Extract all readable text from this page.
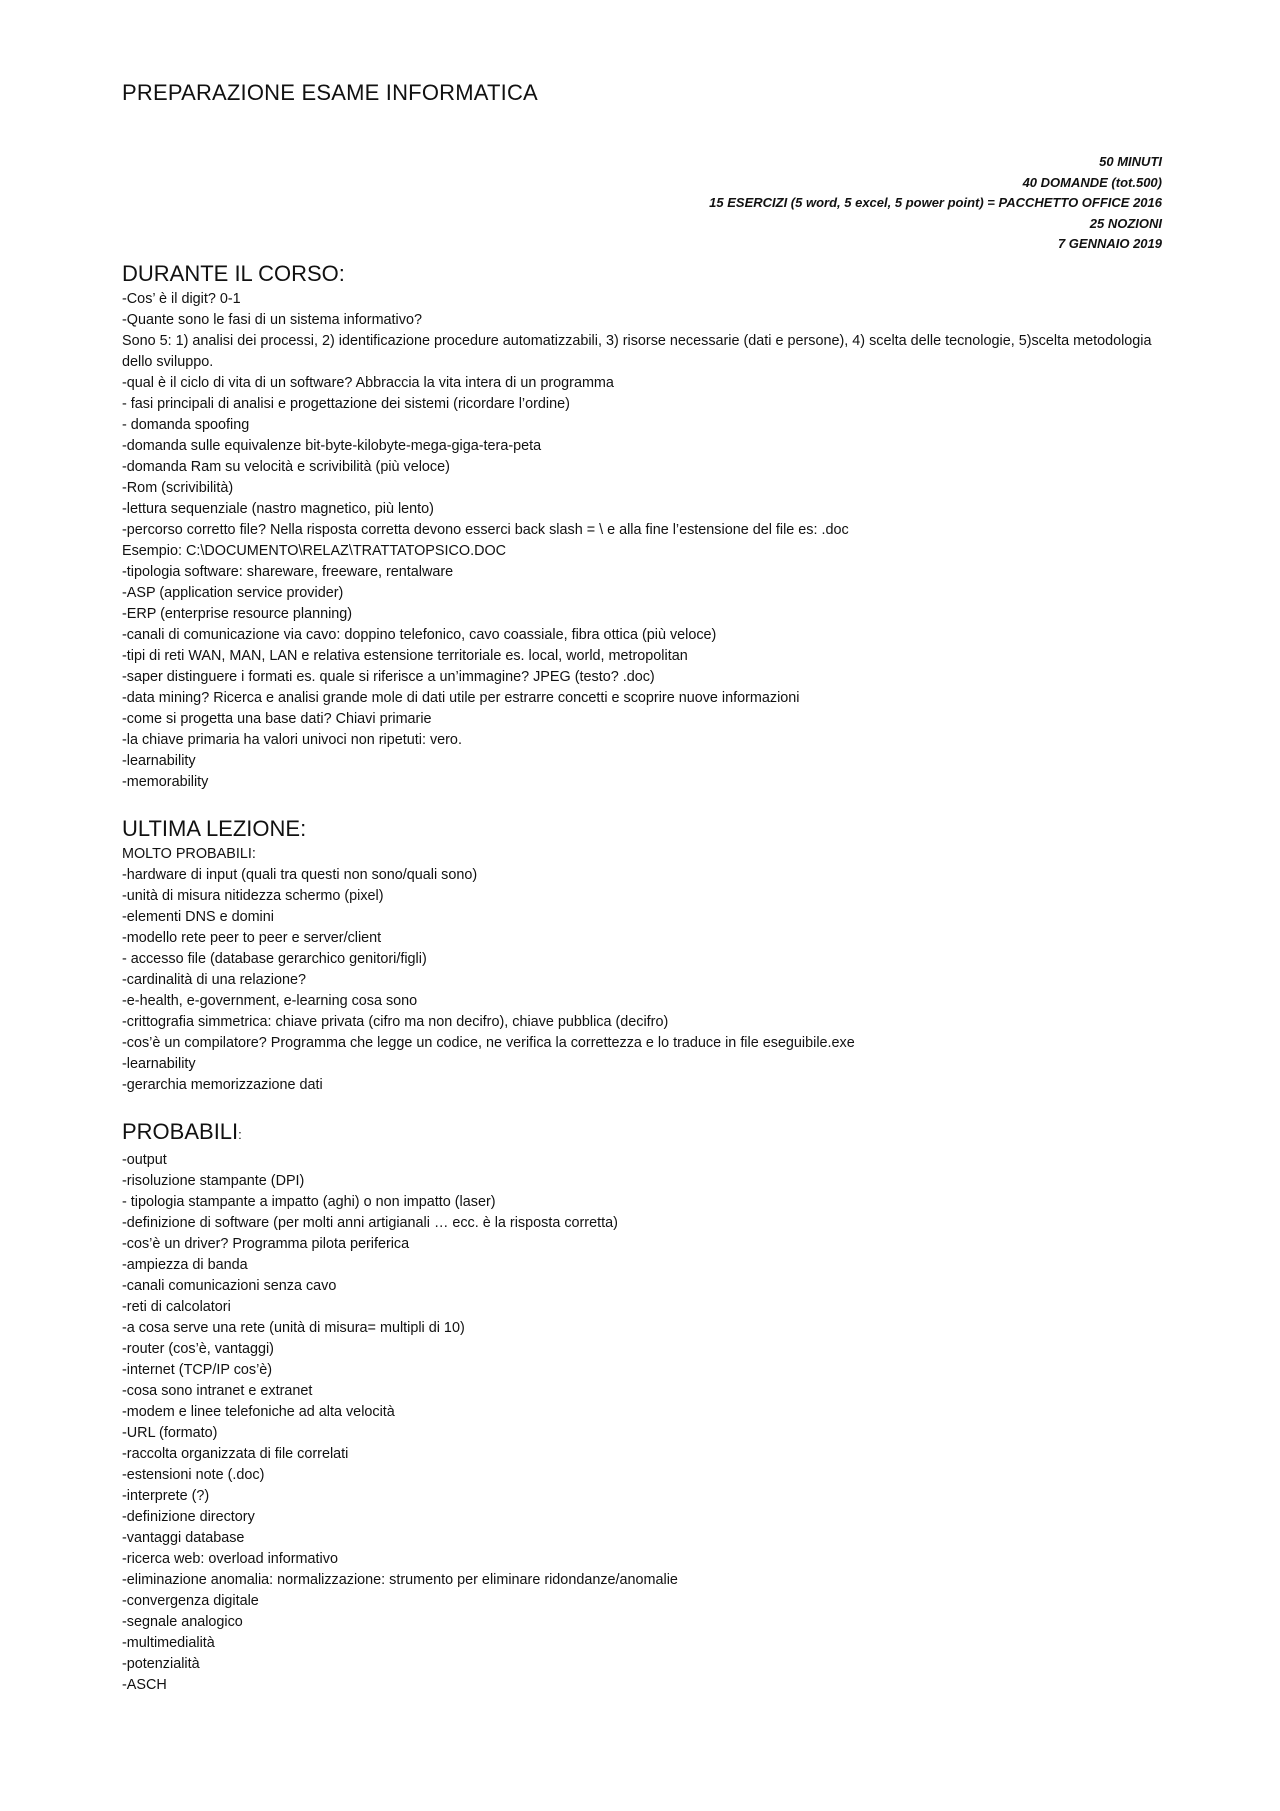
PREPARAZIONE ESAME INFORMATICA
50 MINUTI
40 DOMANDE (tot.500)
15 ESERCIZI (5 word, 5 excel, 5 power point) = PACCHETTO OFFICE 2016
25 NOZIONI
7 GENNAIO 2019
DURANTE IL CORSO:
-Cos’ è il digit? 0-1
-Quante sono le fasi di un sistema informativo?
Sono 5: 1) analisi dei processi, 2) identificazione procedure automatizzabili, 3) risorse necessarie (dati e persone), 4) scelta delle tecnologie, 5)scelta metodologia dello sviluppo.
-qual è il ciclo di vita di un software? Abbraccia la vita intera di un programma
- fasi principali di analisi e progettazione dei sistemi (ricordare l’ordine)
- domanda spoofing
-domanda sulle equivalenze bit-byte-kilobyte-mega-giga-tera-peta
-domanda Ram su velocità e scrivibilità (più veloce)
-Rom (scrivibilità)
-lettura sequenziale (nastro magnetico, più lento)
-percorso corretto file? Nella risposta corretta devono esserci back slash = \ e alla fine l’estensione del file es: .doc
Esempio: C:\DOCUMENTO\RELAZ\TRATTATOPSICO.DOC
-tipologia software: shareware, freeware, rentalware
-ASP (application service provider)
-ERP (enterprise resource planning)
-canali di comunicazione via cavo: doppino telefonico, cavo coassiale, fibra ottica (più veloce)
-tipi di reti WAN, MAN, LAN e relativa estensione territoriale es. local, world, metropolitan
-saper distinguere i formati es. quale si riferisce a un’immagine? JPEG (testo? .doc)
-data mining? Ricerca e analisi grande mole di dati utile per estrarre concetti e scoprire nuove informazioni
-come si progetta una base dati? Chiavi primarie
-la chiave primaria ha valori univoci non ripetuti: vero.
-learnability
-memorability
ULTIMA LEZIONE:
MOLTO PROBABILI:
-hardware di input (quali tra questi non sono/quali sono)
-unità di misura nitidezza schermo (pixel)
-elementi DNS e domini
-modello rete peer to peer e server/client
- accesso file (database gerarchico genitori/figli)
-cardinalità di una relazione?
-e-health, e-government, e-learning cosa sono
-crittografia simmetrica: chiave privata (cifro ma non decifro), chiave pubblica (decifro)
-cos’è un compilatore? Programma che legge un codice, ne verifica la correttezza e lo traduce in file eseguibile.exe
-learnability
-gerarchia memorizzazione dati
PROBABILI:
-output
-risoluzione stampante (DPI)
- tipologia stampante a impatto (aghi) o non impatto (laser)
-definizione di software (per molti anni artigianali … ecc. è la risposta corretta)
-cos’è un driver? Programma pilota periferica
-ampiezza di banda
-canali comunicazioni senza cavo
-reti di calcolatori
-a cosa serve una rete (unità di misura= multipli di 10)
-router (cos’è, vantaggi)
-internet (TCP/IP cos’è)
-cosa sono intranet e extranet
-modem e linee telefoniche ad alta velocità
-URL (formato)
-raccolta organizzata di file correlati
-estensioni note (.doc)
-interprete (?)
-definizione directory
-vantaggi database
-ricerca web: overload informativo
-eliminazione anomalia: normalizzazione: strumento per eliminare ridondanze/anomalie
-convergenza digitale
-segnale analogico
-multimedialità
-potenzialità
-ASCH
